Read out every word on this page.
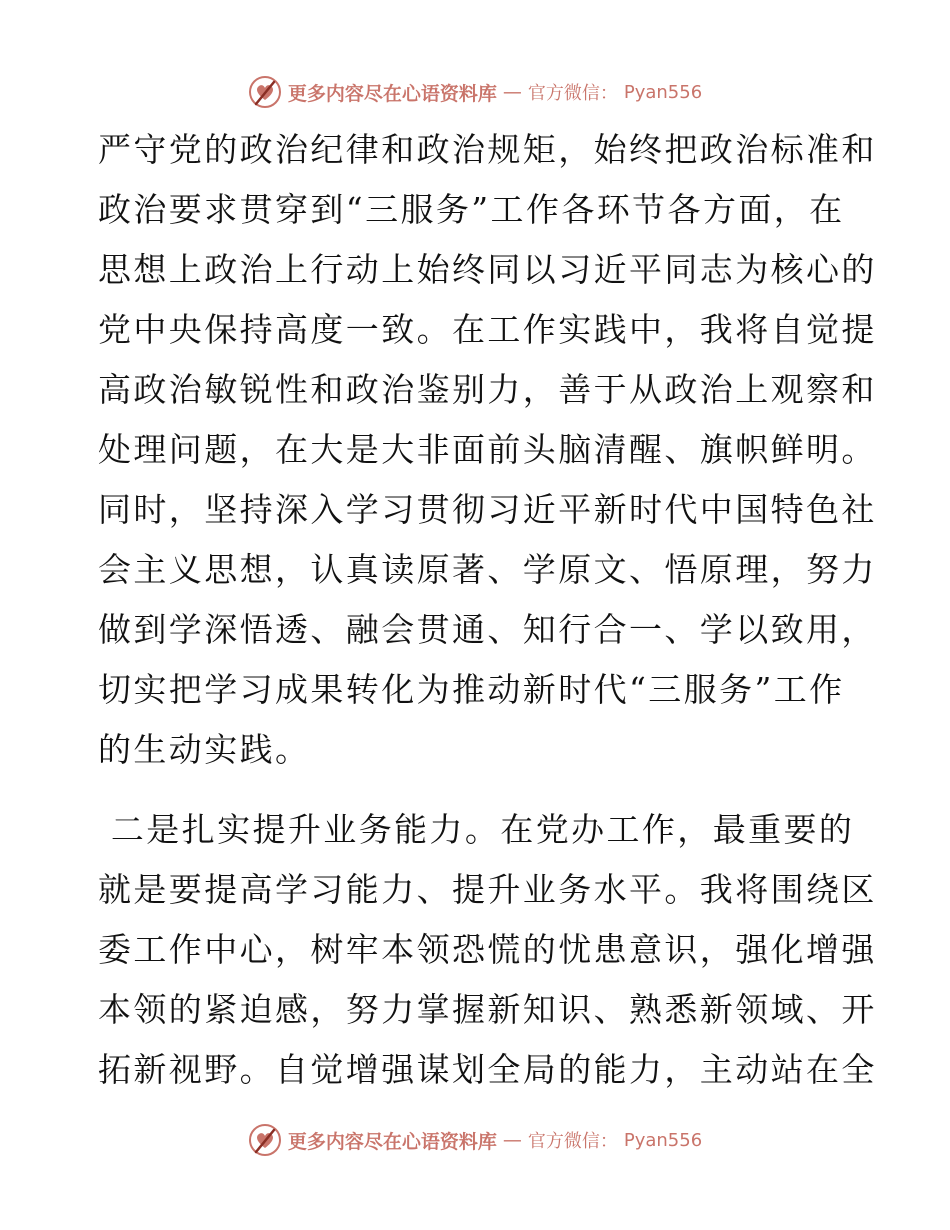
更多内容尽在心语资料库 — 官方微信： Pyan556
严守党的政治纪律和政治规矩，始终把政治标准和
政治要求贯穿到“三服务”工作各环节各方面，在
思想上政治上行动上始终同以习近平同志为核心的
党中央保持高度一致。在工作实践中，我将自觉提
高政治敏锐性和政治鉴别力，善于从政治上观察和
处理问题，在大是大非面前头脑清醒、旗帜鲜明。
同时，坚持深入学习贯彻习近平新时代中国特色社
会主义思想，认真读原著、学原文、悟原理，努力
做到学深悟透、融会贯通、知行合一、学以致用，
切实把学习成果转化为推动新时代“三服务”工作
的生动实践。
二是扎实提升业务能力。在党办工作，最重要的
就是要提高学习能力、提升业务水平。我将围绕区
委工作中心，树牢本领恐慌的忧患意识，强化增强
本领的紧迫感，努力掌握新知识、熟悉新领域、开
拓新视野。自觉增强谋划全局的能力，主动站在全
更多内容尽在心语资料库 — 官方微信： Pyan556
